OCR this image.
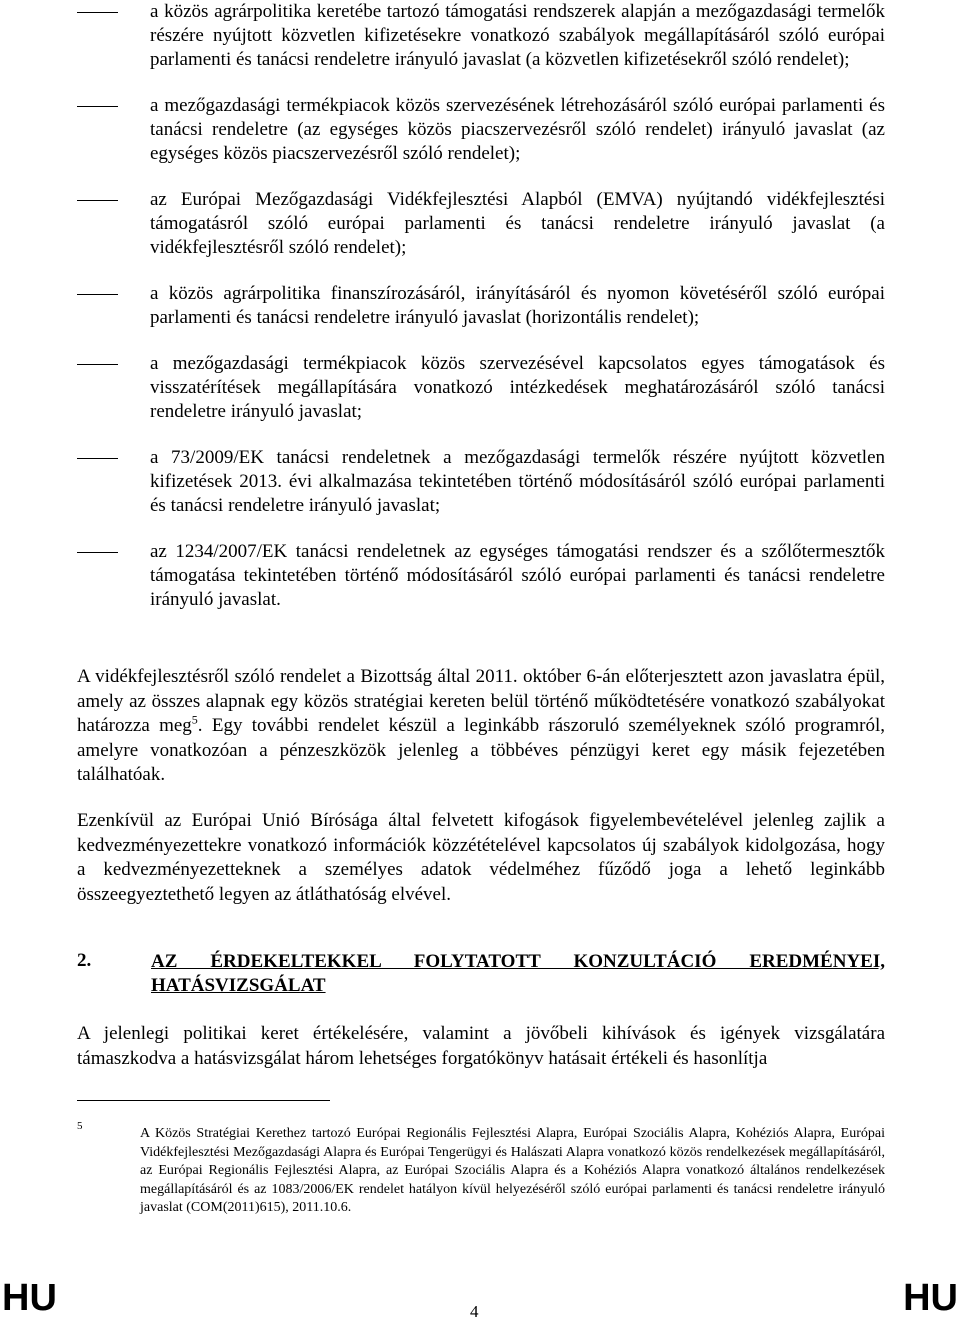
a közös agrárpolitika keretébe tartozó támogatási rendszerek alapján a mezőgazdasági termelők részére nyújtott közvetlen kifizetésekre vonatkozó szabályok megállapításáról szóló európai parlamenti és tanácsi rendeletre irányuló javaslat (a közvetlen kifizetésekről szóló rendelet);
a mezőgazdasági termékpiacok közös szervezésének létrehozásáról szóló európai parlamenti és tanácsi rendeletre (az egységes közös piacszervezésről szóló rendelet) irányuló javaslat (az egységes közös piacszervezésről szóló rendelet);
az Európai Mezőgazdasági Vidékfejlesztési Alapból (EMVA) nyújtandó vidékfejlesztési támogatásról szóló európai parlamenti és tanácsi rendeletre irányuló javaslat (a vidékfejlesztésről szóló rendelet);
a közös agrárpolitika finanszírozásáról, irányításáról és nyomon követéséről szóló európai parlamenti és tanácsi rendeletre irányuló javaslat (horizontális rendelet);
a mezőgazdasági termékpiacok közös szervezésével kapcsolatos egyes támogatások és visszatérítések megállapítására vonatkozó intézkedések meghatározásáról szóló tanácsi rendeletre irányuló javaslat;
a 73/2009/EK tanácsi rendeletnek a mezőgazdasági termelők részére nyújtott közvetlen kifizetések 2013. évi alkalmazása tekintetében történő módosításáról szóló európai parlamenti és tanácsi rendeletre irányuló javaslat;
az 1234/2007/EK tanácsi rendeletnek az egységes támogatási rendszer és a szőlőtermesztők támogatása tekintetében történő módosításáról szóló európai parlamenti és tanácsi rendeletre irányuló javaslat.

A vidékfejlesztésről szóló rendelet a Bizottság által 2011. október 6-án előterjesztett azon javaslatra épül, amely az összes alapnak egy közös stratégiai kereten belül történő működtetésére vonatkozó szabályokat határozza meg$^5$. Egy további rendelet készül a leginkább rászoruló személyeknek szóló programról, amelyre vonatkozóan a pénzeszközök jelenleg a többéves pénzügyi keret egy másik fejezetében találhatóak.

Ezenkívül az Európai Unió Bírósága által felvetett kifogások figyelembevételével jelenleg zajlik a kedvezményezettekre vonatkozó információk közzétételével kapcsolatos új szabályok kidolgozása, hogy a kedvezményezetteknek a személyes adatok védelméhez fűződő joga a lehető leginkább összeegyeztethető legyen az átláthatóság elvével.

2.	AZ ÉRDEKELTEKKEL FOLYTATOTT KONZULTÁCIÓ EREDMÉNYEI, HATÁSVIZSGÁLAT

A jelenlegi politikai keret értékelésére, valamint a jövőbeli kihívások és igények vizsgálatára támaszkodva a hatásvizsgálat három lehetséges forgatókönyv hatásait értékeli és hasonlítja

5	A Közös Stratégiai Kerethez tartozó Európai Regionális Fejlesztési Alapra, Európai Szociális Alapra, Kohéziós Alapra, Európai Vidékfejlesztési Mezőgazdasági Alapra és Európai Tengerügyi és Halászati Alapra vonatkozó közös rendelkezések megállapításáról, az Európai Regionális Fejlesztési Alapra, az Európai Szociális Alapra és a Kohéziós Alapra vonatkozó általános rendelkezések megállapításáról és az 1083/2006/EK rendelet hatályon kívül helyezéséről szóló európai parlamenti és tanácsi rendeletre irányuló javaslat (COM(2011)615), 2011.10.6.

HU	4	HU
